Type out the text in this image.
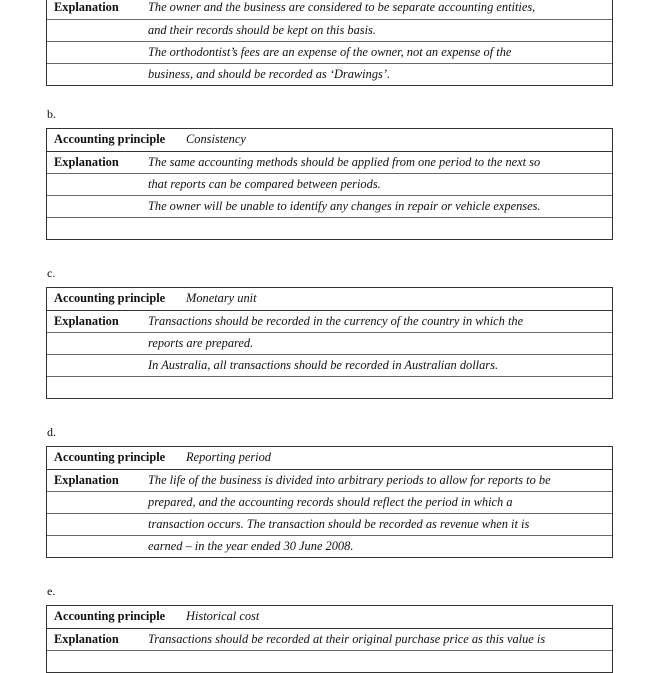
Explanation The owner and the business are considered to be separate accounting entities,
and their records should be kept on this basis.
The orthodontist’s fees are an expense of the owner, not an expense of the
business, and should be recorded as ‘Drawings’.
b.
Accounting principle Consistency
Explanation The same accounting methods should be applied from one period to the next so
that reports can be compared between periods.
The owner will be unable to identify any changes in repair or vehicle expenses.
c.
Accounting principle Monetary unit
Explanation Transactions should be recorded in the currency of the country in which the
reports are prepared.
In Australia, all transactions should be recorded in Australian dollars.
d.
Accounting principle Reporting period
Explanation The life of the business is divided into arbitrary periods to allow for reports to be
prepared, and the accounting records should reflect the period in which a
transaction occurs. The transaction should be recorded as revenue when it is
earned – in the year ended 30 June 2008.
e.
Accounting principle Historical cost
Explanation Transactions should be recorded at their original purchase price as this value is
